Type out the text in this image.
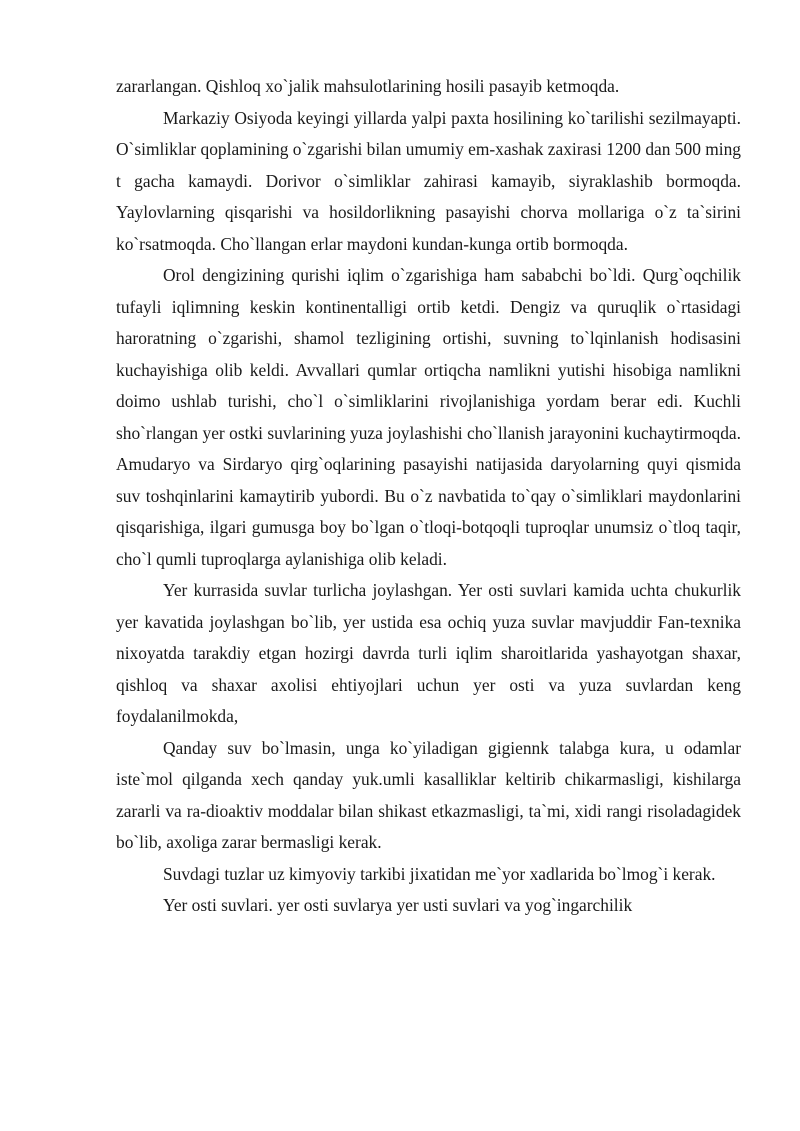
zararlangan. Qishloq xo`jalik mahsulotlarining hosili pasayib ketmoqda.

Markaziy Osiyoda keyingi yillarda yalpi paxta hosilining ko`tarilishi sezilmayapti. O`simliklar qoplamining o`zgarishi bilan umumiy em-xashak zaxirasi 1200 dan 500 ming t gacha kamaydi. Dorivor o`simliklar zahirasi kamayib, siyraklashib bormoqda. Yaylovlarning qisqarishi va hosildorlikning pasayishi chorva mollariga o`z ta`sirini ko`rsatmoqda. Cho`llangan erlar maydoni kundan-kunga ortib bormoqda.

Orol dengizining qurishi iqlim o`zgarishiga ham sababchi bo`ldi. Qurg`oqchilik tufayli iqlimning keskin kontinentalligi ortib ketdi. Dengiz va quruqlik o`rtasidagi haroratning o`zgarishi, shamol tezligining ortishi, suvning to`lqinlanish hodisasini kuchayishiga olib keldi. Avvallari qumlar ortiqcha namlikni yutishi hisobiga namlikni doimo ushlab turishi, cho`l o`simliklarini rivojlanishiga yordam berar edi. Kuchli sho`rlangan yer ostki suvlarining yuza joylashishi cho`llanish jarayonini kuchaytirmoqda. Amudaryo va Sirdaryo qirg`oqlarining pasayishi natijasida daryolarning quyi qismida suv toshqinlarini kamaytirib yubordi. Bu o`z navbatida to`qay o`simliklari maydonlarini qisqarishiga, ilgari gumusga boy bo`lgan o`tloqi-botqoqli tuproqlar unumsiz o`tloq taqir, cho`l qumli tuproqlarga aylanishiga olib keladi.

Yer kurrasida suvlar turlicha joylashgan. Yer osti suvlari kamida uchta chukurlik yer kavatida joylashgan bo`lib, yer ustida esa ochiq yuza suvlar mavjuddir Fan-texnika nixoyatda tarakdiy etgan hozirgi davrda turli iqlim sharoitlarida yashayotgan shaxar, qishloq va shaxar axolisi ehtiyojlari uchun yer osti va yuza suvlardan keng foydalanilmokda,

Qanday suv bo`lmasin, unga ko`yiladigan gigiennk talabga kura, u odamlar iste`mol qilganda xech qanday yuk.umli kasalliklar keltirib chikarmasligi, kishilarga zararli va ra-dioaktiv moddalar bilan shikast etkazmasligi, ta`mi, xidi rangi risoladagidek bo`lib, axoliga zarar bermasligi kerak.

Suvdagi tuzlar uz kimyoviy tarkibi jixatidan me`yor xadlarida bo`lmog`i kerak.

Yer osti suvlari. yer osti suvlarya yer usti suvlari va yog`ingarchilik
